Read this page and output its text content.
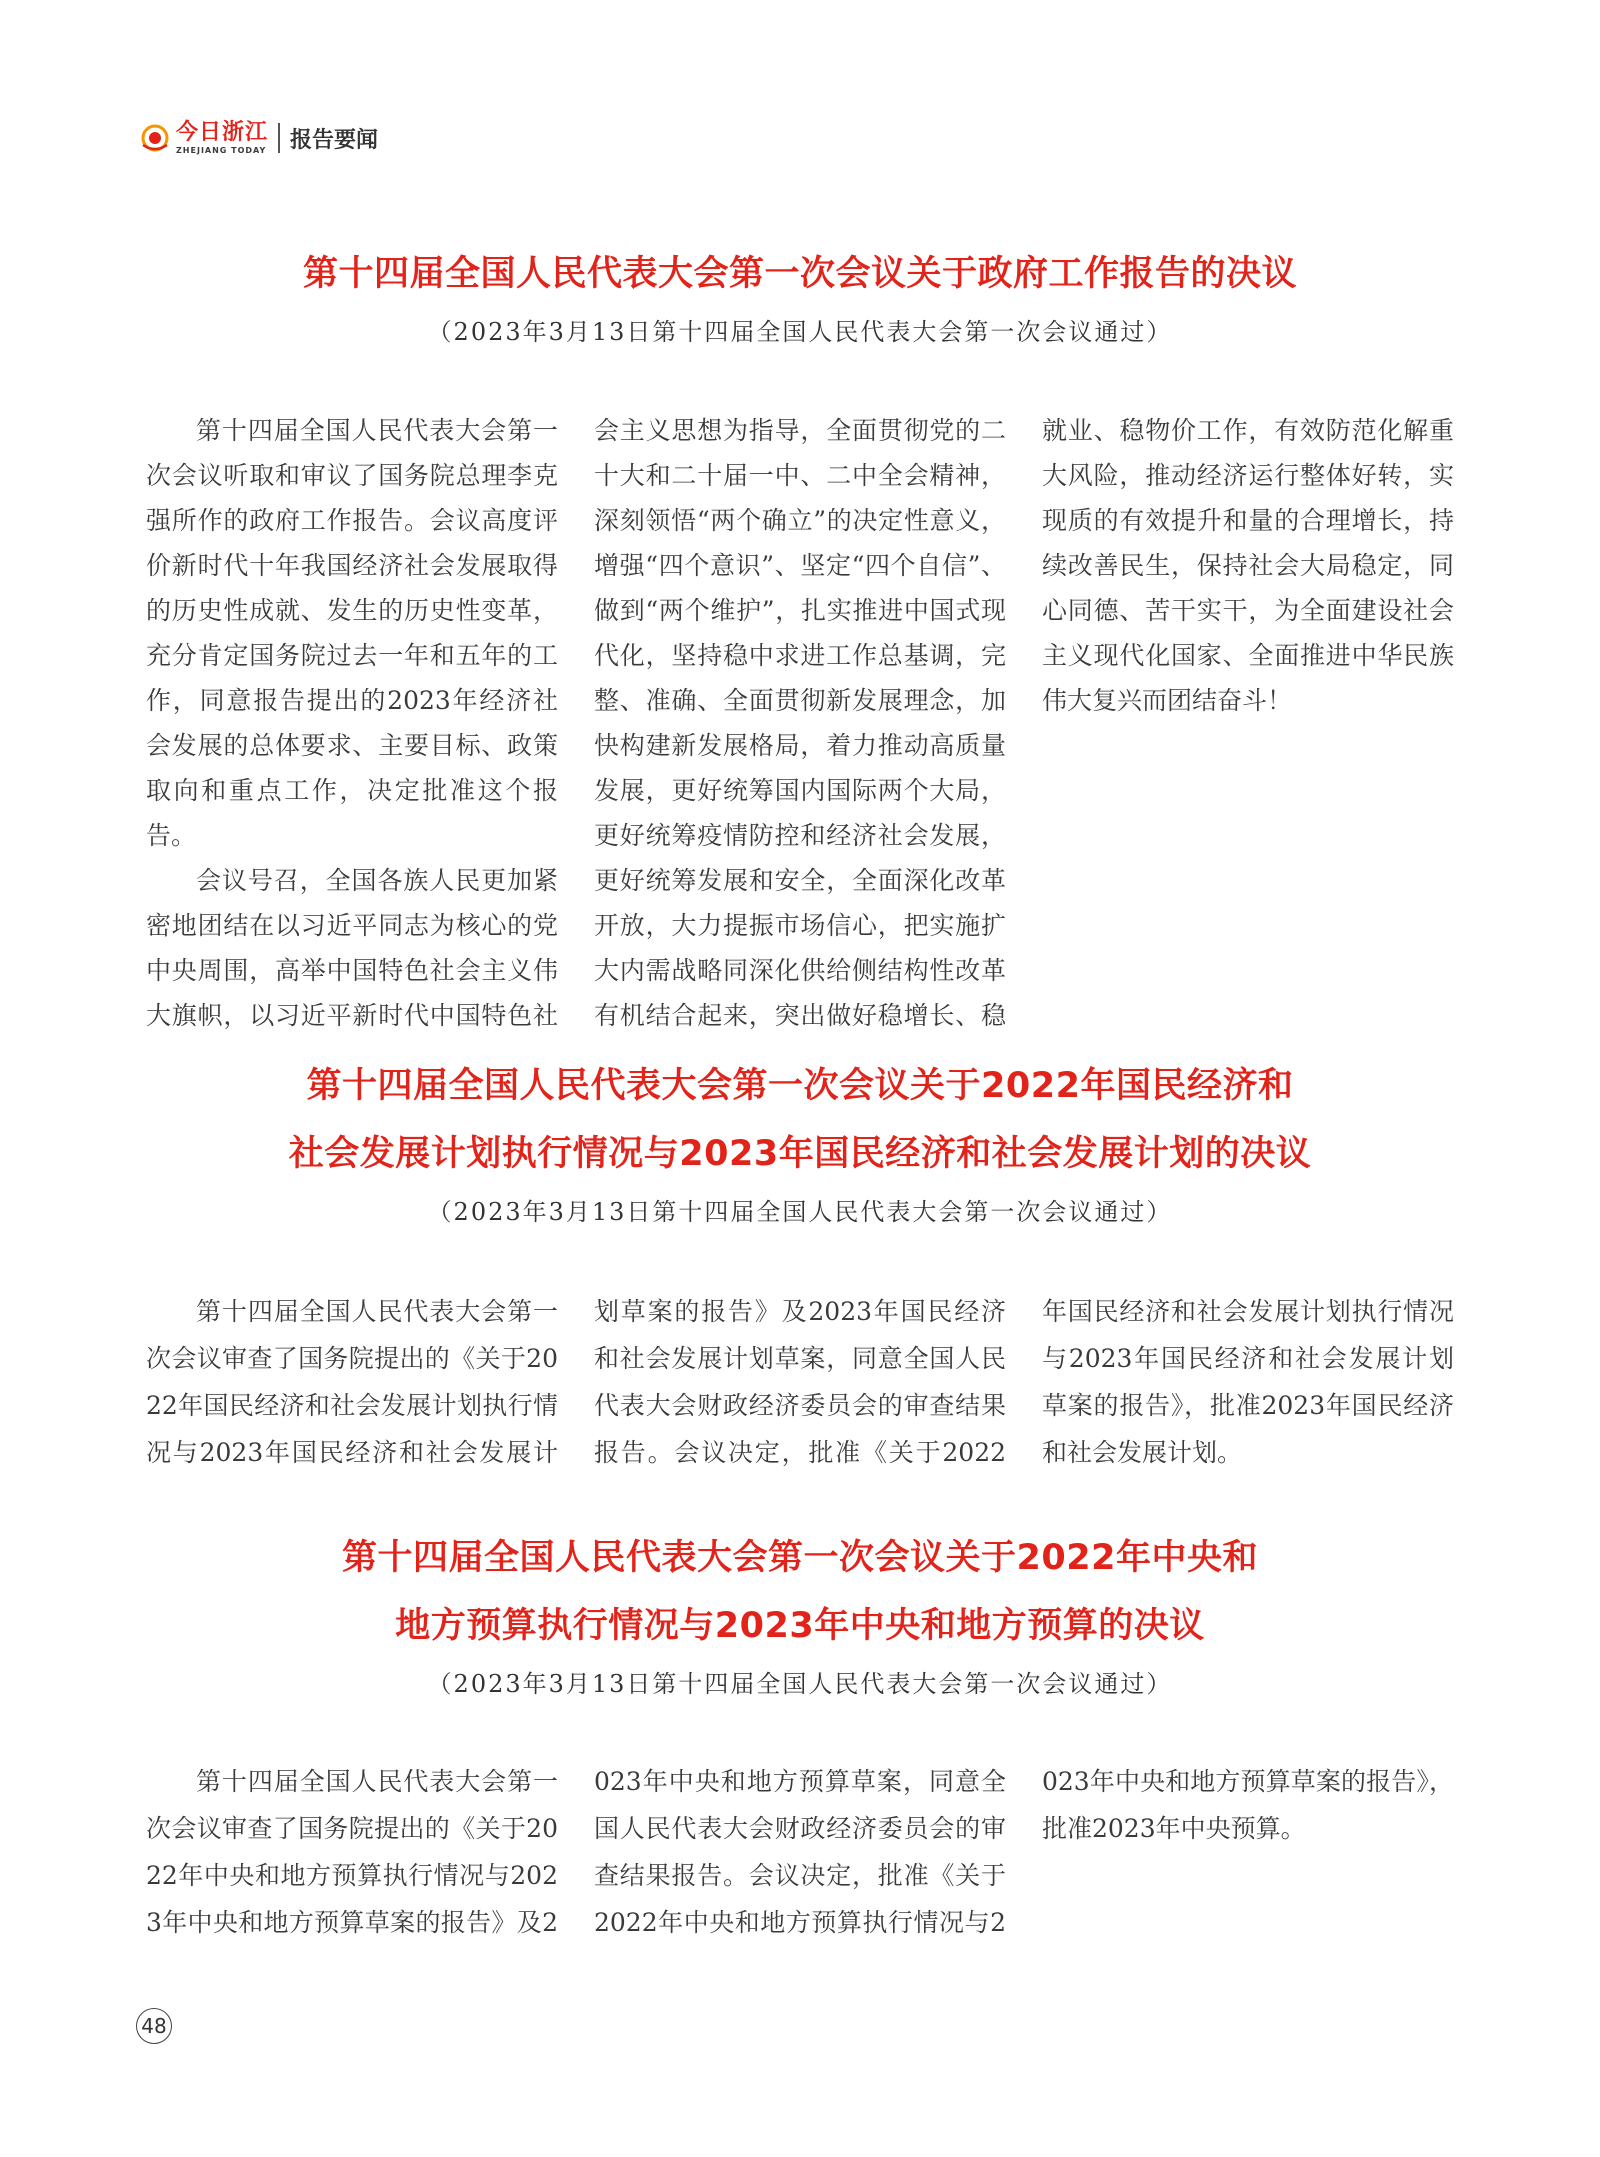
今日浙江
ZHEJIANG TODAY 报告要闻
第十四届全国人民代表大会第一次会议关于政府工作报告的决议
（2023年3月13日第十四届全国人民代表大会第一次会议通过）

第十四届全国人民代表大会第一次会议听取和审议了国务院总理李克强所作的政府工作报告。会议高度评价新时代十年我国经济社会发展取得的历史性成就、发生的历史性变革，充分肯定国务院过去一年和五年的工作，同意报告提出的2023年经济社会发展的总体要求、主要目标、政策取向和重点工作，决定批准这个报告。

会议号召，全国各族人民更加紧密地团结在以习近平同志为核心的党中央周围，高举中国特色社会主义伟大旗帜，以习近平新时代中国特色社会主义思想为指导，全面贯彻党的二十大和二十届一中、二中全会精神，深刻领悟“两个确立”的决定性意义，增强“四个意识”、坚定“四个自信”、做到“两个维护”，扎实推进中国式现代化，坚持稳中求进工作总基调，完整、准确、全面贯彻新发展理念，加快构建新发展格局，着力推动高质量发展，更好统筹国内国际两个大局，更好统筹疫情防控和经济社会发展，更好统筹发展和安全，全面深化改革开放，大力提振市场信心，把实施扩大内需战略同深化供给侧结构性改革有机结合起来，突出做好稳增长、稳就业、稳物价工作，有效防范化解重大风险，推动经济运行整体好转，实现质的有效提升和量的合理增长，持续改善民生，保持社会大局稳定，同心同德、苦干实干，为全面建设社会主义现代化国家、全面推进中华民族伟大复兴而团结奋斗！

第十四届全国人民代表大会第一次会议关于2022年国民经济和
社会发展计划执行情况与2023年国民经济和社会发展计划的决议
（2023年3月13日第十四届全国人民代表大会第一次会议通过）

第十四届全国人民代表大会第一次会议审查了国务院提出的《关于2022年国民经济和社会发展计划执行情况与2023年国民经济和社会发展计划草案的报告》及2023年国民经济和社会发展计划草案，同意全国人民代表大会财政经济委员会的审查结果报告。会议决定，批准《关于2022年国民经济和社会发展计划执行情况与2023年国民经济和社会发展计划草案的报告》，批准2023年国民经济和社会发展计划。

第十四届全国人民代表大会第一次会议关于2022年中央和
地方预算执行情况与2023年中央和地方预算的决议
（2023年3月13日第十四届全国人民代表大会第一次会议通过）

第十四届全国人民代表大会第一次会议审查了国务院提出的《关于2022年中央和地方预算执行情况与2023年中央和地方预算草案的报告》及2023年中央和地方预算草案，同意全国人民代表大会财政经济委员会的审查结果报告。会议决定，批准《关于2022年中央和地方预算执行情况与2023年中央和地方预算草案的报告》，批准2023年中央预算。

48
